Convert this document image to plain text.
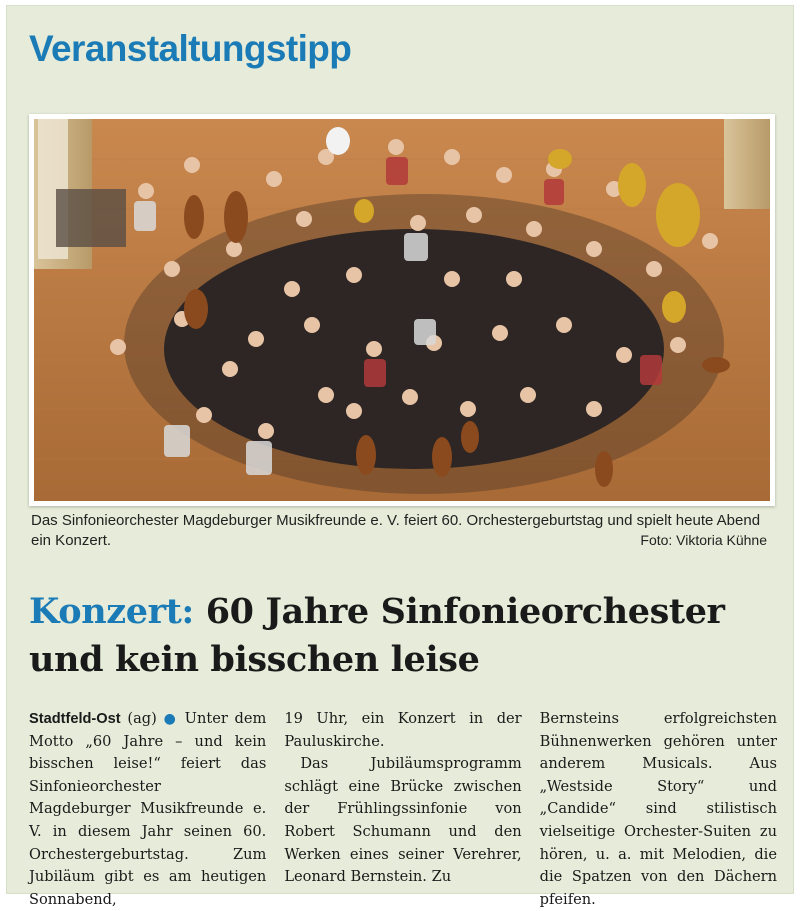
Veranstaltungstipp

Das Sinfonieorchester Magdeburger Musikfreunde e. V. feiert 60. Orchestergeburtstag und spielt heute Abend ein Konzert.	Foto: Viktoria Kühne
Konzert: 60 Jahre Sinfonieorchester
und kein bisschen leise

Stadtfeld-Ost (ag) ● Unter dem Motto „60 Jahre – und kein bisschen leise!“ feiert das Sinfonieorchester Magdeburger Musikfreunde e. V. in diesem Jahr seinen 60. Orchestergeburtstag. Zum Jubiläum gibt es am heutigen Sonnabend,

19 Uhr, ein Konzert in der Pauluskirche.

Das Jubiläumsprogramm schlägt eine Brücke zwischen der Frühlingssinfonie von Robert Schumann und den Werken eines seiner Verehrer, Leonard Bernstein. Zu

Bernsteins erfolgreichsten Bühnenwerken gehören unter anderem Musicals. Aus „Westside Story“ und „Candide“ sind stilistisch vielseitige Orchester-Suiten zu hören, u. a. mit Melodien, die die Spatzen von den Dächern pfeifen.
